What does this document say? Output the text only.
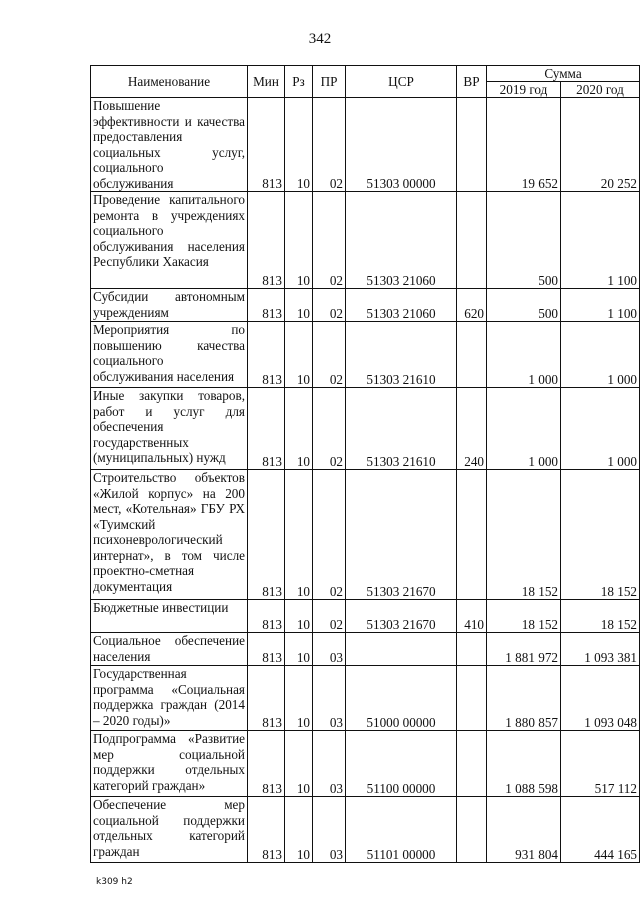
342
Наименование	Мин	Рз	ПР	ЦСР	ВР	Сумма	
						2019 год	2020 год
Повышение эффективности и качества предоставления социальных услуг, социального обслуживания	813	10	02	51303 00000		19 652	20 252
Проведение капитального ремонта в учреждениях социального обслуживания населения Республики Хакасия	813	10	02	51303 21060		500	1 100
Субсидии автономным учреждениям	813	10	02	51303 21060	620	500	1 100
Мероприятия по повышению качества социального обслуживания населения	813	10	02	51303 21610		1 000	1 000
Иные закупки товаров, работ и услуг для обеспечения государственных (муниципальных) нужд	813	10	02	51303 21610	240	1 000	1 000
Строительство объектов «Жилой корпус» на 200 мест, «Котельная» ГБУ РХ «Туимский психоневрологический интернат», в том числе проектно-сметная документация	813	10	02	51303 21670		18 152	18 152
Бюджетные инвестиции	813	10	02	51303 21670	410	18 152	18 152
Социальное обеспечение населения	813	10	03			1 881 972	1 093 381
Государственная программа «Социальная поддержка граждан (2014 – 2020 годы)»	813	10	03	51000 00000		1 880 857	1 093 048
Подпрограмма «Развитие мер социальной поддержки отдельных категорий граждан»	813	10	03	51100 00000		1 088 598	517 112
Обеспечение мер социальной поддержки отдельных категорий граждан	813	10	03	51101 00000		931 804	444 165
k309 h2
